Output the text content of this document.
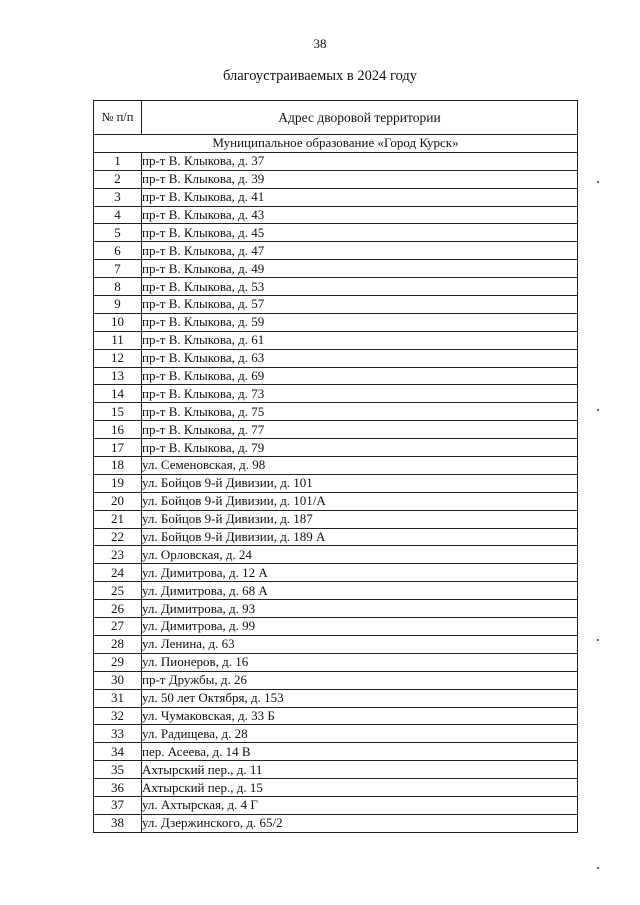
38
благоустраиваемых в 2024 году
№ п/п	Адрес дворовой территории
Муниципальное образование «Город Курск»	
1	пр-т В. Клыкова, д. 37
2	пр-т В. Клыкова, д. 39
3	пр-т В. Клыкова, д. 41
4	пр-т В. Клыкова, д. 43
5	пр-т В. Клыкова, д. 45
6	пр-т В. Клыкова, д. 47
7	пр-т В. Клыкова, д. 49
8	пр-т В. Клыкова, д. 53
9	пр-т В. Клыкова, д. 57
10	пр-т В. Клыкова, д. 59
11	пр-т В. Клыкова, д. 61
12	пр-т В. Клыкова, д. 63
13	пр-т В. Клыкова, д. 69
14	пр-т В. Клыкова, д. 73
15	пр-т В. Клыкова, д. 75
16	пр-т В. Клыкова, д. 77
17	пр-т В. Клыкова, д. 79
18	ул. Семеновская, д. 98
19	ул. Бойцов 9-й Дивизии, д. 101
20	ул. Бойцов 9-й Дивизии, д. 101/А
21	ул. Бойцов 9-й Дивизии, д. 187
22	ул. Бойцов 9-й Дивизии, д. 189 А
23	ул. Орловская, д. 24
24	ул. Димитрова, д. 12 А
25	ул. Димитрова, д. 68 А
26	ул. Димитрова, д. 93
27	ул. Димитрова, д. 99
28	ул. Ленина, д. 63
29	ул. Пионеров, д. 16
30	пр-т Дружбы, д. 26
31	ул. 50 лет Октября, д. 153
32	ул. Чумаковская, д. 33 Б
33	ул. Радищева, д. 28
34	пер. Асеева, д. 14 В
35	Ахтырский пер., д. 11
36	Ахтырский пер., д. 15
37	ул. Ахтырская, д. 4 Г
38	ул. Дзержинского, д. 65/2
